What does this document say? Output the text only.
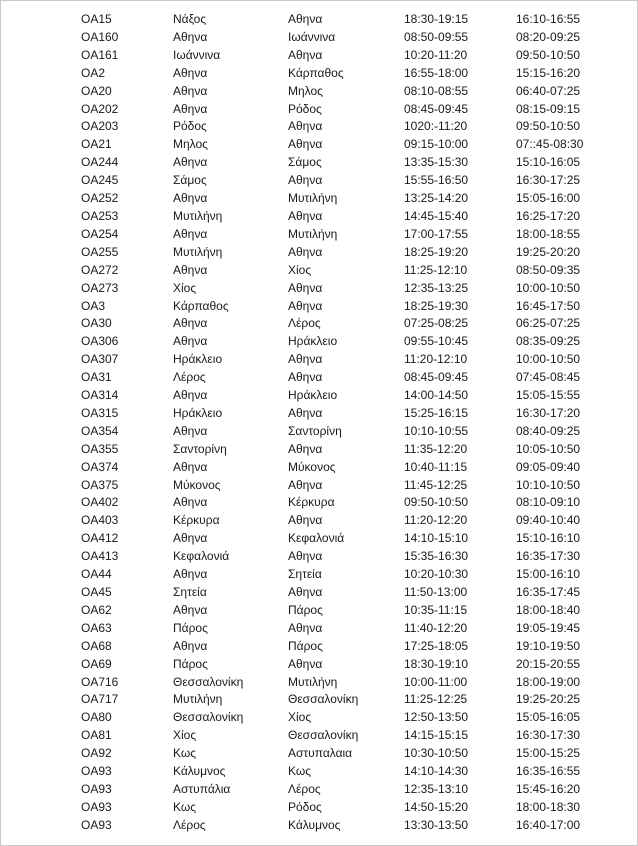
OA15	Νάξος	Αθηνα	18:30-19:15	16:10-16:55
OA160	Αθηνα	Ιωάννινα	08:50-09:55	08:20-09:25
OA161	Ιωάννινα	Αθηνα	10:20-11:20	09:50-10:50
OA2	Αθηνα	Κάρπαθος	16:55-18:00	15:15-16:20
OA20	Αθηνα	Μηλος	08:10-08:55	06:40-07:25
OA202	Αθηνα	Ρόδος	08:45-09:45	08:15-09:15
OA203	Ρόδος	Αθηνα	1020:-11:20	09:50-10:50
OA21	Μηλος	Αθηνα	09:15-10:00	07::45-08:30
OA244	Αθηνα	Σάμος	13:35-15:30	15:10-16:05
OA245	Σάμος	Αθηνα	15:55-16:50	16:30-17:25
OA252	Αθηνα	Μυτιλήνη	13:25-14:20	15:05-16:00
OA253	Μυτιλήνη	Αθηνα	14:45-15:40	16:25-17:20
OA254	Αθηνα	Μυτιλήνη	17:00-17:55	18:00-18:55
OA255	Μυτιλήνη	Αθηνα	18:25-19:20	19:25-20:20
OA272	Αθηνα	Χίος	11:25-12:10	08:50-09:35
OA273	Χίος	Αθηνα	12:35-13:25	10:00-10:50
OA3	Κάρπαθος	Αθηνα	18:25-19:30	16:45-17:50
OA30	Αθηνα	Λέρος	07:25-08:25	06:25-07:25
OA306	Αθηνα	Ηράκλειο	09:55-10:45	08:35-09:25
OA307	Ηράκλειο	Αθηνα	11:20-12:10	10:00-10:50
OA31	Λέρος	Αθηνα	08:45-09:45	07:45-08:45
OA314	Αθηνα	Ηράκλειο	14:00-14:50	15:05-15:55
OA315	Ηράκλειο	Αθηνα	15:25-16:15	16:30-17:20
OA354	Αθηνα	Σαντορίνη	10:10-10:55	08:40-09:25
OA355	Σαντορίνη	Αθηνα	11:35-12:20	10:05-10:50
OA374	Αθηνα	Μύκονος	10:40-11:15	09:05-09:40
OA375	Μύκονος	Αθηνα	11:45-12:25	10:10-10:50
OA402	Αθηνα	Κέρκυρα	09:50-10:50	08:10-09:10
OA403	Κέρκυρα	Αθηνα	11:20-12:20	09:40-10:40
OA412	Αθηνα	Κεφαλονιά	14:10-15:10	15:10-16:10
OA413	Κεφαλονιά	Αθηνα	15:35-16:30	16:35-17:30
OA44	Αθηνα	Σητεία	10:20-10:30	15:00-16:10
OA45	Σητεία	Αθηνα	11:50-13:00	16:35-17:45
OA62	Αθηνα	Πάρος	10:35-11:15	18:00-18:40
OA63	Πάρος	Αθηνα	11:40-12:20	19:05-19:45
OA68	Αθηνα	Πάρος	17:25-18:05	19:10-19:50
OA69	Πάρος	Αθηνα	18:30-19:10	20:15-20:55
OA716	Θεσσαλονίκη	Μυτιλήνη	10:00-11:00	18:00-19:00
OA717	Μυτιλήνη	Θεσσαλονίκη	11:25-12:25	19:25-20:25
OA80	Θεσσαλονίκη	Χίος	12:50-13:50	15:05-16:05
OA81	Χίος	Θεσσαλονίκη	14:15-15:15	16:30-17:30
OA92	Κως	Αστυπαλαια	10:30-10:50	15:00-15:25
OA93	Κάλυμνος	Κως	14:10-14:30	16:35-16:55
OA93	Αστυπάλια	Λέρος	12:35-13:10	15:45-16:20
OA93	Κως	Ρόδος	14:50-15:20	18:00-18:30
OA93	Λέρος	Κάλυμνος	13:30-13:50	16:40-17:00
